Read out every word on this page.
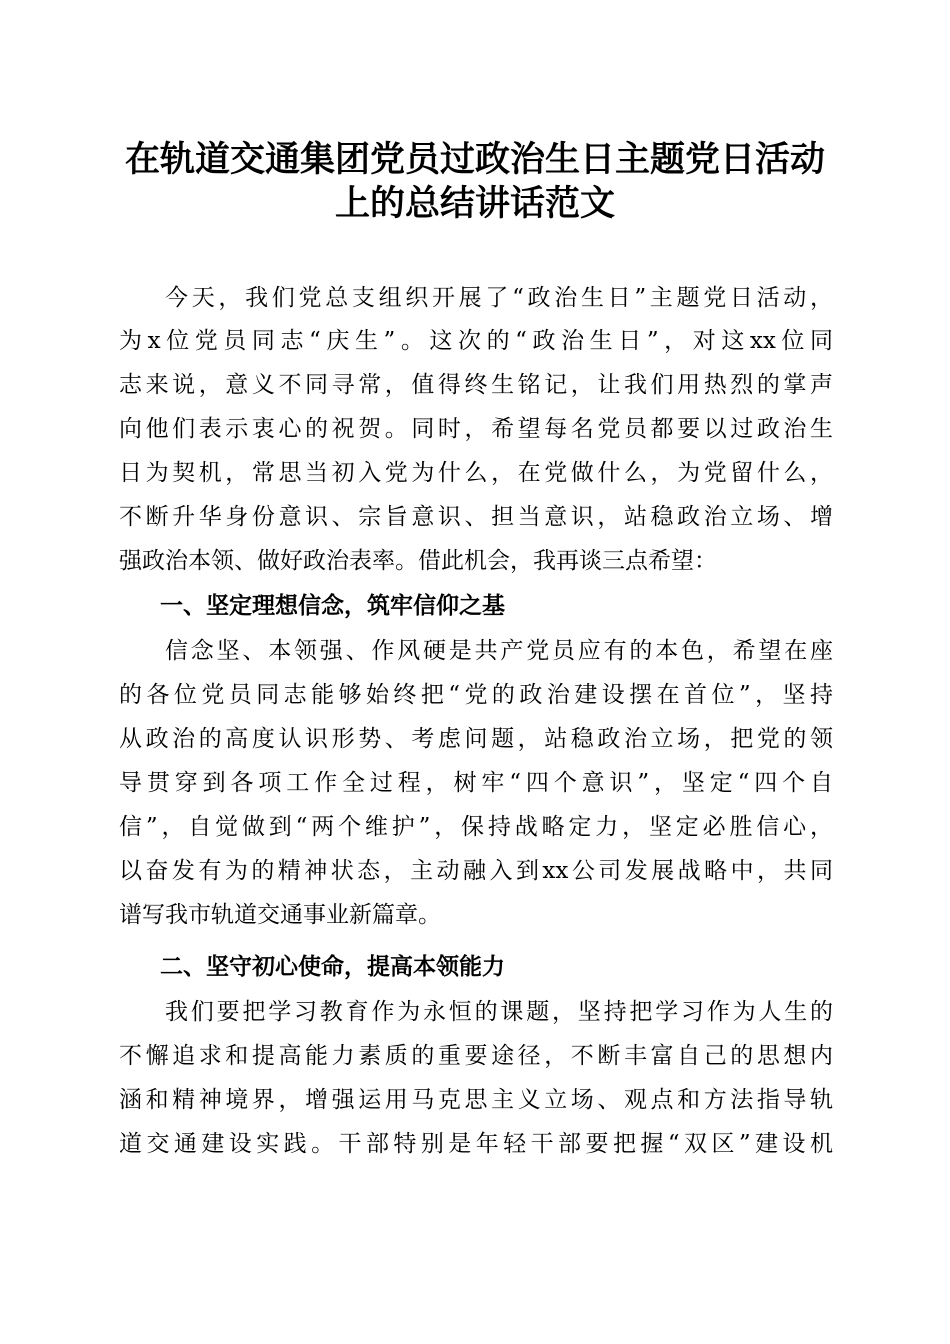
在轨道交通集团党员过政治生日主题党日活动
上的总结讲话范文
今天，我们党总支组织开展了“政治生日”主题党日活动，
为x位党员同志“庆生”。这次的“政治生日”，对这xx位同
志来说，意义不同寻常，值得终生铭记，让我们用热烈的掌声
向他们表示衷心的祝贺。同时，希望每名党员都要以过政治生
日为契机，常思当初入党为什么，在党做什么，为党留什么，
不断升华身份意识、宗旨意识、担当意识，站稳政治立场、增
强政治本领、做好政治表率。借此机会，我再谈三点希望：
一、坚定理想信念，筑牢信仰之基
信念坚、本领强、作风硬是共产党员应有的本色，希望在座
的各位党员同志能够始终把“党的政治建设摆在首位”，坚持
从政治的高度认识形势、考虑问题，站稳政治立场，把党的领
导贯穿到各项工作全过程，树牢“四个意识”，坚定“四个自
信”，自觉做到“两个维护”，保持战略定力，坚定必胜信心，
以奋发有为的精神状态，主动融入到xx公司发展战略中，共同
谱写我市轨道交通事业新篇章。
二、坚守初心使命，提高本领能力
我们要把学习教育作为永恒的课题，坚持把学习作为人生的
不懈追求和提高能力素质的重要途径，不断丰富自己的思想内
涵和精神境界，增强运用马克思主义立场、观点和方法指导轨
道交通建设实践。干部特别是年轻干部要把握“双区”建设机
